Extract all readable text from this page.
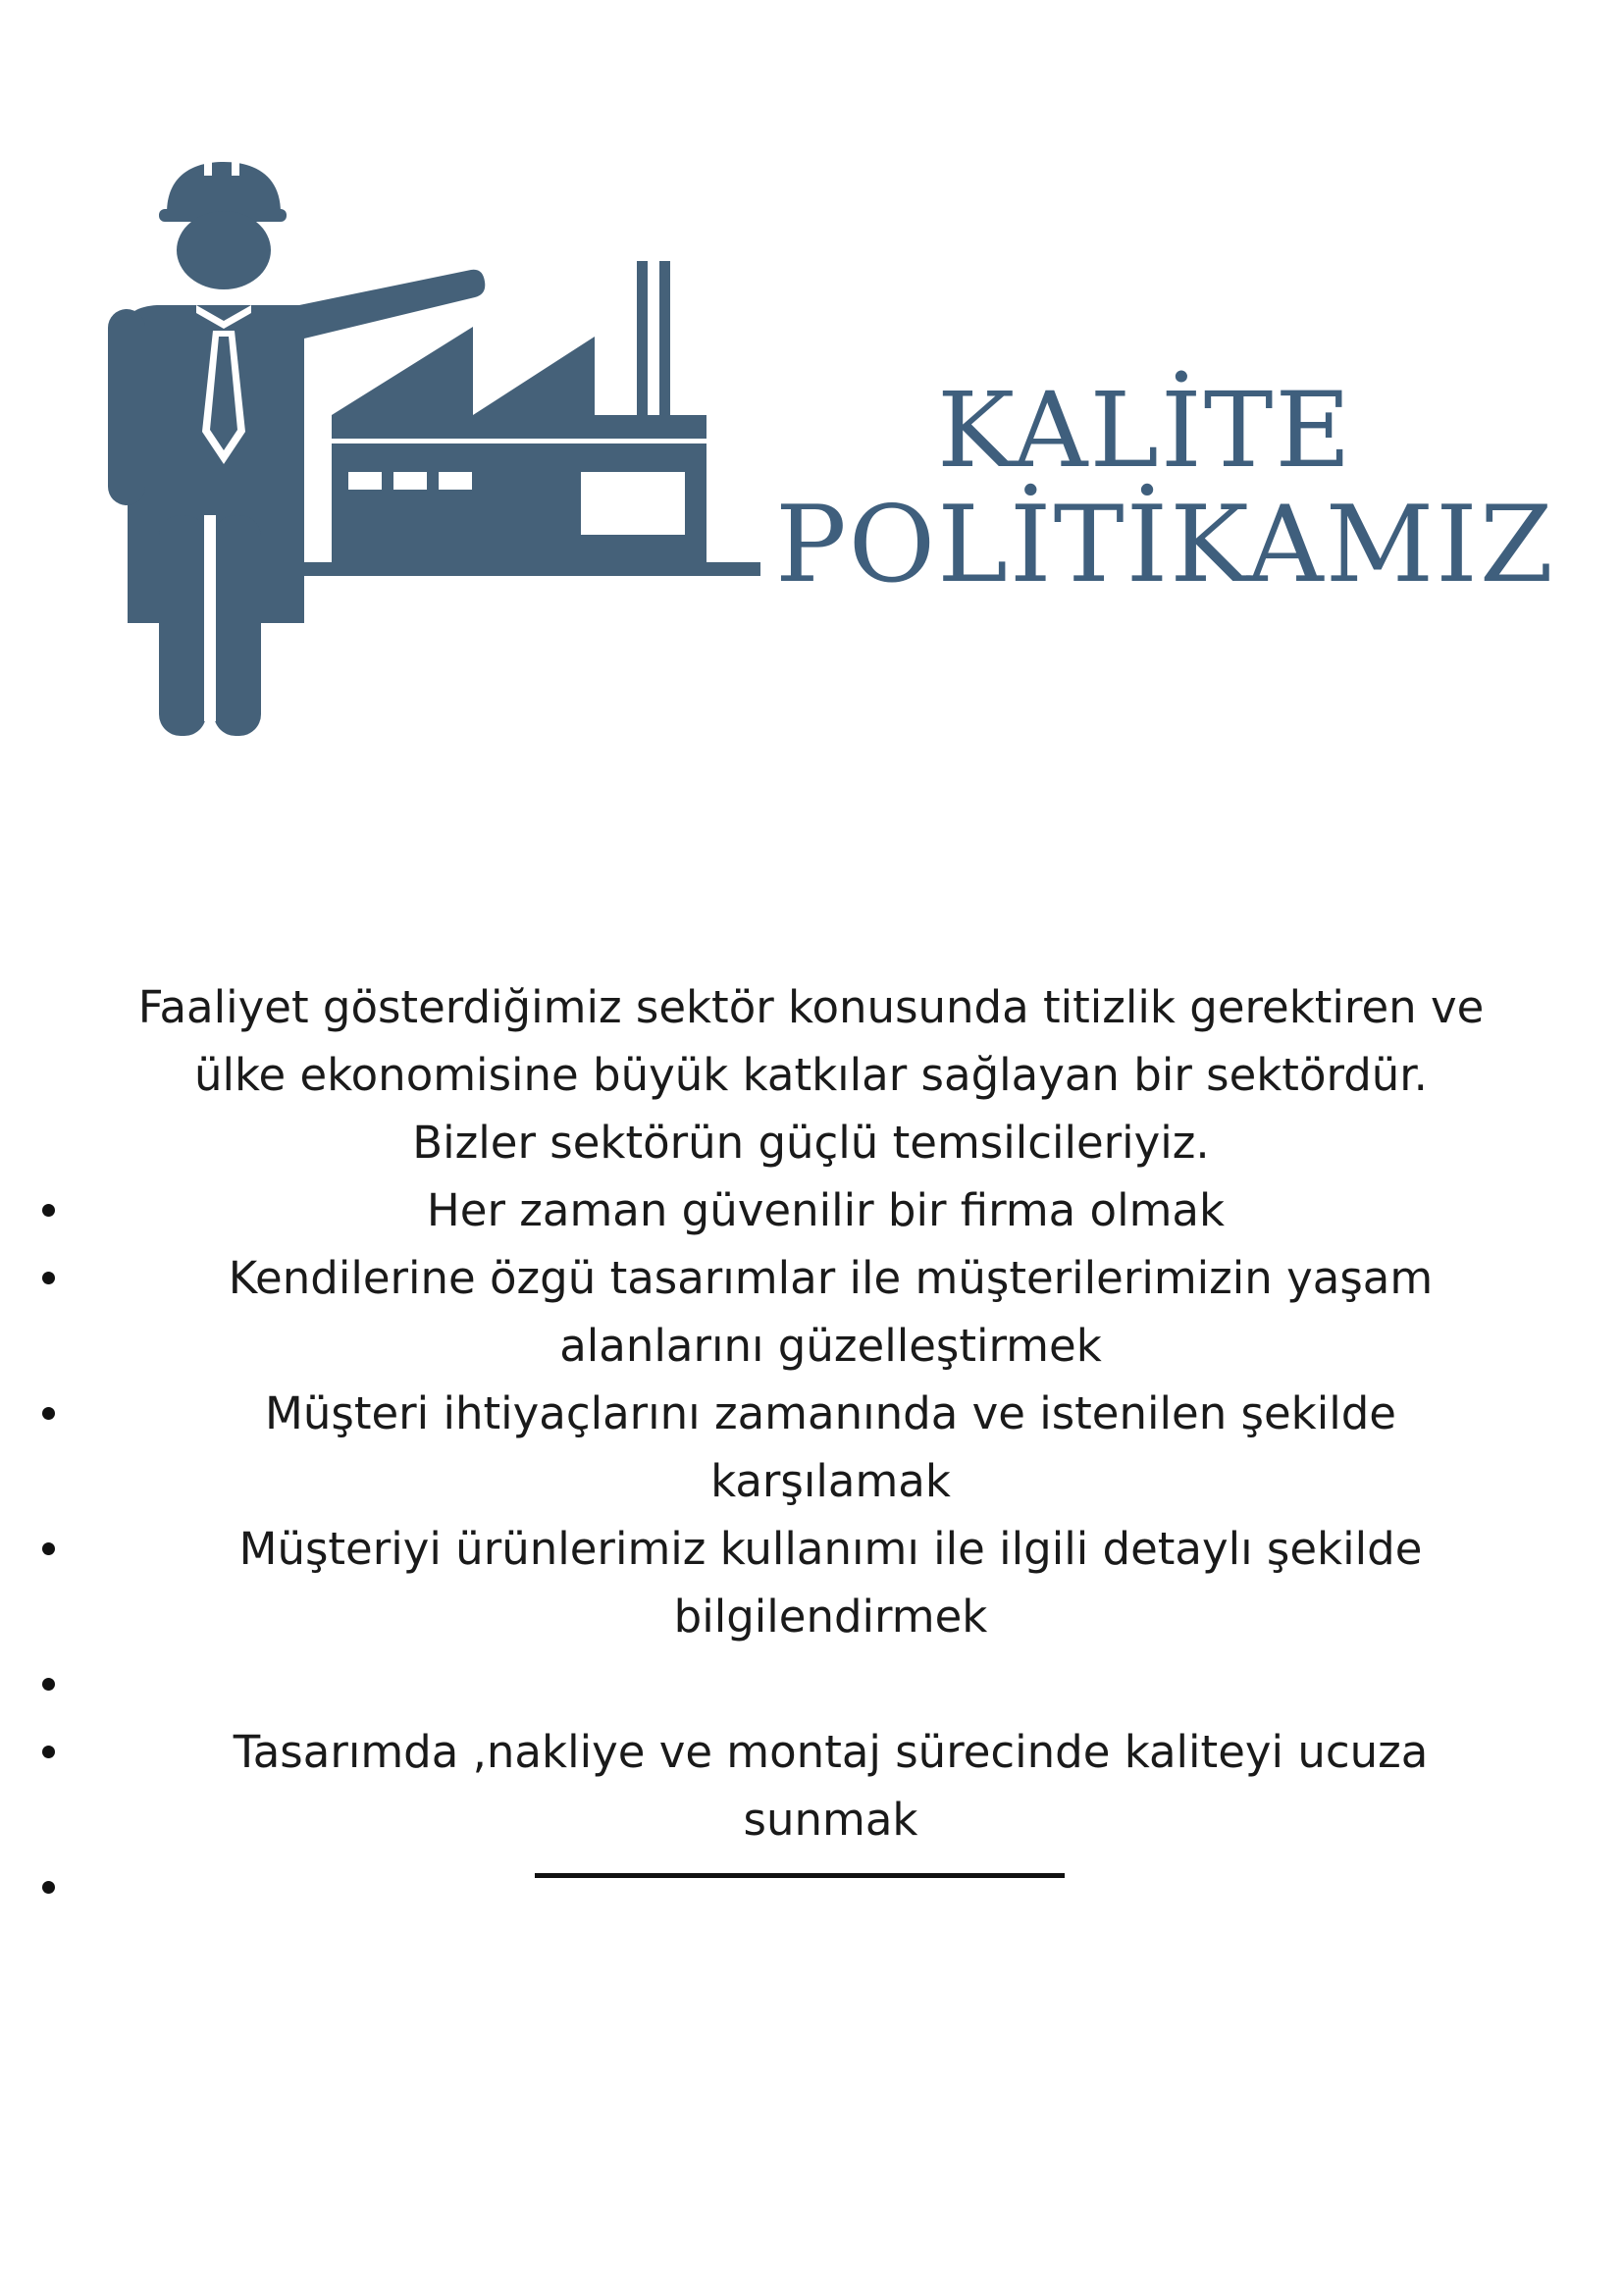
KALİTE
POLİTİKAMIZ

Faaliyet gösterdiğimiz sektör konusunda titizlik gerektiren ve
ülke ekonomisine büyük katkılar sağlayan bir sektördür.
Bizler sektörün güçlü temsilcileriyiz.

Her zaman güvenilir bir firma olmak
Kendilerine özgü tasarımlar ile müşterilerimizin yaşam alanlarını güzelleştirmek
Müşteri ihtiyaçlarını zamanında ve istenilen şekilde karşılamak
Müşteriyi ürünlerimiz kullanımı ile ilgili detaylı şekilde bilgilendirmek
Tasarımda ,nakliye ve montaj sürecinde kaliteyi ucuza sunmak
